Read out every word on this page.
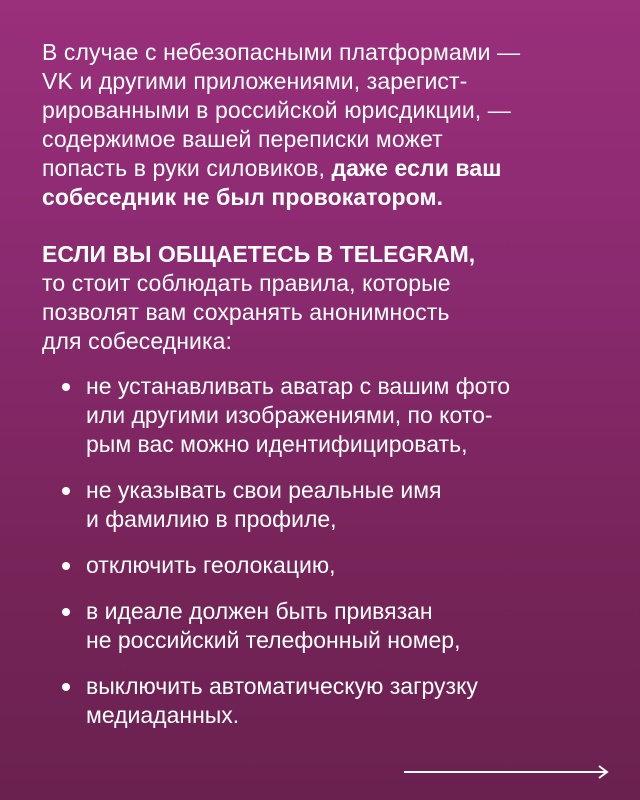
В случае с небезопасными платформами —
VK и другими приложениями, зарегист-
рированными в российской юрисдикции, —
содержимое вашей переписки может
попасть в руки силовиков, даже если ваш
собеседник не был провокатором.

ЕСЛИ ВЫ ОБЩАЕТЕСЬ В TELEGRAM,

то стоит соблюдать правила, которые
позволят вам сохранять анонимность
для собеседника:

не устанавливать аватар с вашим фото
или другими изображениями, по кото-
рым вас можно идентифицировать,
не указывать свои реальные имя
и фамилию в профиле,
отключить геолокацию,
в идеале должен быть привязан
не российский телефонный номер,
выключить автоматическую загрузку
медиаданных.
